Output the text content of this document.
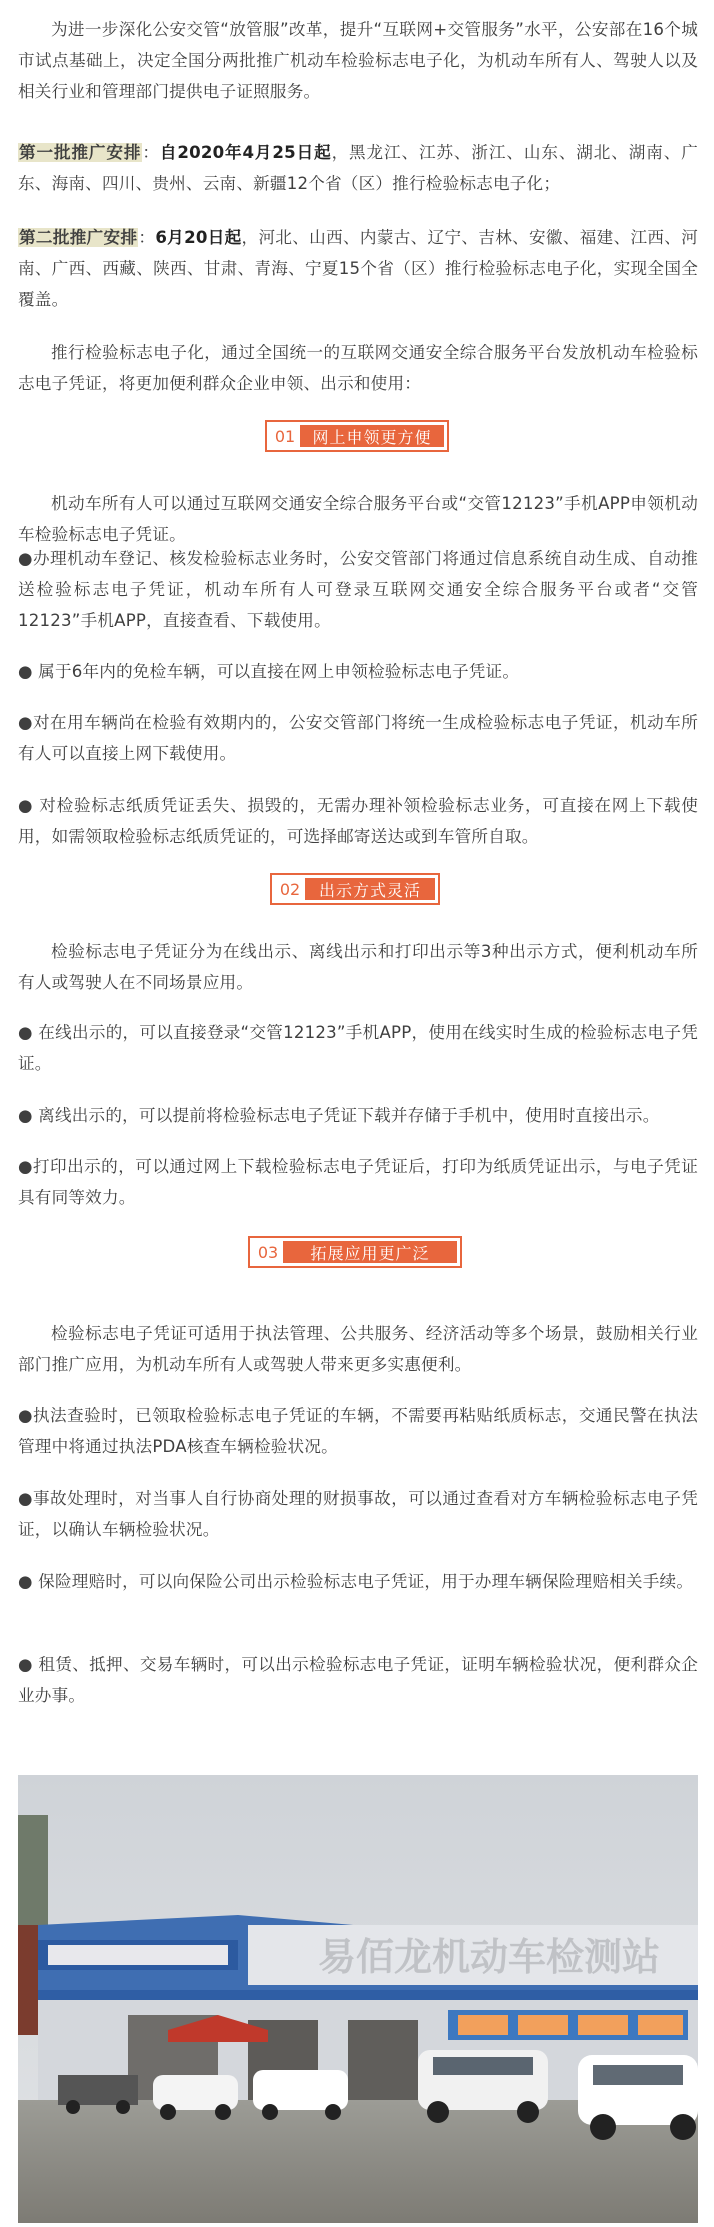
为进一步深化公安交管“放管服”改革，提升“互联网+交管服务”水平，公安部在16个城市试点基础上，决定全国分两批推广机动车检验标志电子化，为机动车所有人、驾驶人以及相关行业和管理部门提供电子证照服务。

第一批推广安排：自2020年4月25日起，黑龙江、江苏、浙江、山东、湖北、湖南、广东、海南、四川、贵州、云南、新疆12个省（区）推行检验标志电子化；

第二批推广安排：6月20日起，河北、山西、内蒙古、辽宁、吉林、安徽、福建、江西、河南、广西、西藏、陕西、甘肃、青海、宁夏15个省（区）推行检验标志电子化，实现全国全覆盖。

推行检验标志电子化，通过全国统一的互联网交通安全综合服务平台发放机动车检验标志电子凭证，将更加便利群众企业申领、出示和使用：

01	网上申领更方便

机动车所有人可以通过互联网交通安全综合服务平台或“交管12123”手机APP申领机动车检验标志电子凭证。

●办理机动车登记、核发检验标志业务时，公安交管部门将通过信息系统自动生成、自动推送检验标志电子凭证，机动车所有人可登录互联网交通安全综合服务平台或者“交管12123”手机APP，直接查看、下载使用。

● 属于6年内的免检车辆，可以直接在网上申领检验标志电子凭证。

●对在用车辆尚在检验有效期内的，公安交管部门将统一生成检验标志电子凭证，机动车所有人可以直接上网下载使用。

● 对检验标志纸质凭证丢失、损毁的，无需办理补领检验标志业务，可直接在网上下载使用，如需领取检验标志纸质凭证的，可选择邮寄送达或到车管所自取。

02	出示方式灵活

检验标志电子凭证分为在线出示、离线出示和打印出示等3种出示方式，便利机动车所有人或驾驶人在不同场景应用。

● 在线出示的，可以直接登录“交管12123”手机APP，使用在线实时生成的检验标志电子凭证。

● 离线出示的，可以提前将检验标志电子凭证下载并存储于手机中，使用时直接出示。

●打印出示的，可以通过网上下载检验标志电子凭证后，打印为纸质凭证出示，与电子凭证具有同等效力。

03	拓展应用更广泛

检验标志电子凭证可适用于执法管理、公共服务、经济活动等多个场景，鼓励相关行业部门推广应用，为机动车所有人或驾驶人带来更多实惠便利。

●执法查验时，已领取检验标志电子凭证的车辆，不需要再粘贴纸质标志，交通民警在执法管理中将通过执法PDA核查车辆检验状况。

●事故处理时，对当事人自行协商处理的财损事故，可以通过查看对方车辆检验标志电子凭证，以确认车辆检验状况。

● 保险理赔时，可以向保险公司出示检验标志电子凭证，用于办理车辆保险理赔相关手续。

● 租赁、抵押、交易车辆时，可以出示检验标志电子凭证，证明车辆检验状况，便利群众企业办事。

易佰龙机动车检测站
